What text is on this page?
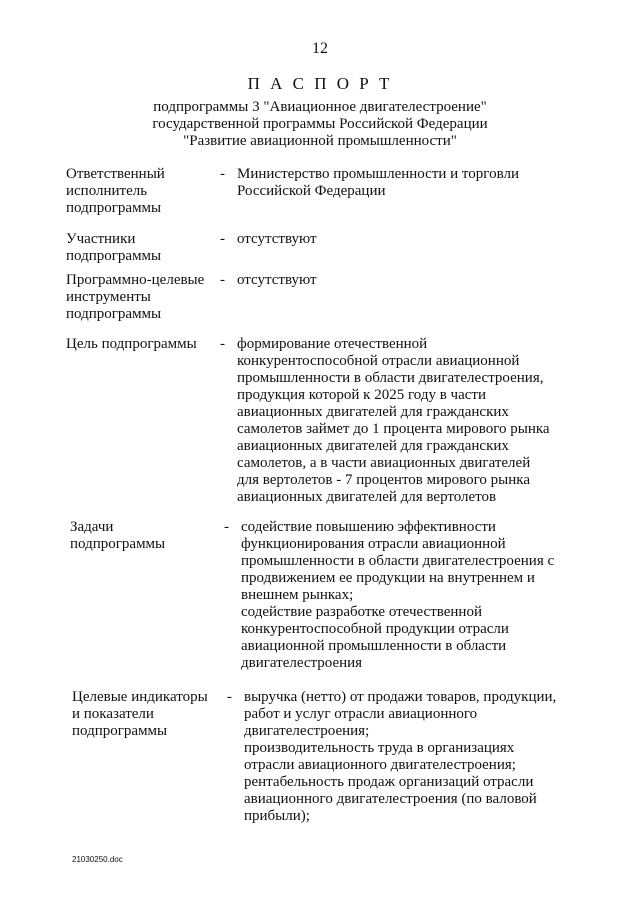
12
П А С П О Р Т
подпрограммы 3 "Авиационное двигателестроение"
государственной программы Российской Федерации
"Развитие авиационной промышленности"
Ответственный
исполнитель
подпрограммы
- Министерство промышленности и торговли
Российской Федерации
Участники
подпрограммы
- отсутствуют
Программно-целевые
инструменты
подпрограммы
- отсутствуют
Цель подпрограммы - формирование отечественной
конкурентоспособной отрасли авиационной
промышленности в области двигателестроения,
продукция которой к 2025 году в части
авиационных двигателей для гражданских
самолетов займет до 1 процента мирового рынка
авиационных двигателей для гражданских
самолетов, а в части авиационных двигателей
для вертолетов - 7 процентов мирового рынка
авиационных двигателей для вертолетов
Задачи
подпрограммы
- содействие повышению эффективности
функционирования отрасли авиационной
промышленности в области двигателестроения с
продвижением ее продукции на внутреннем и
внешнем рынках;
содействие разработке отечественной
конкурентоспособной продукции отрасли
авиационной промышленности в области
двигателестроения
Целевые индикаторы
и показатели
подпрограммы
- выручка (нетто) от продажи товаров, продукции,
работ и услуг отрасли авиационного
двигателестроения;
производительность труда в организациях
отрасли авиационного двигателестроения;
рентабельность продаж организаций отрасли
авиационного двигателестроения (по валовой
прибыли);
21030250.doc
